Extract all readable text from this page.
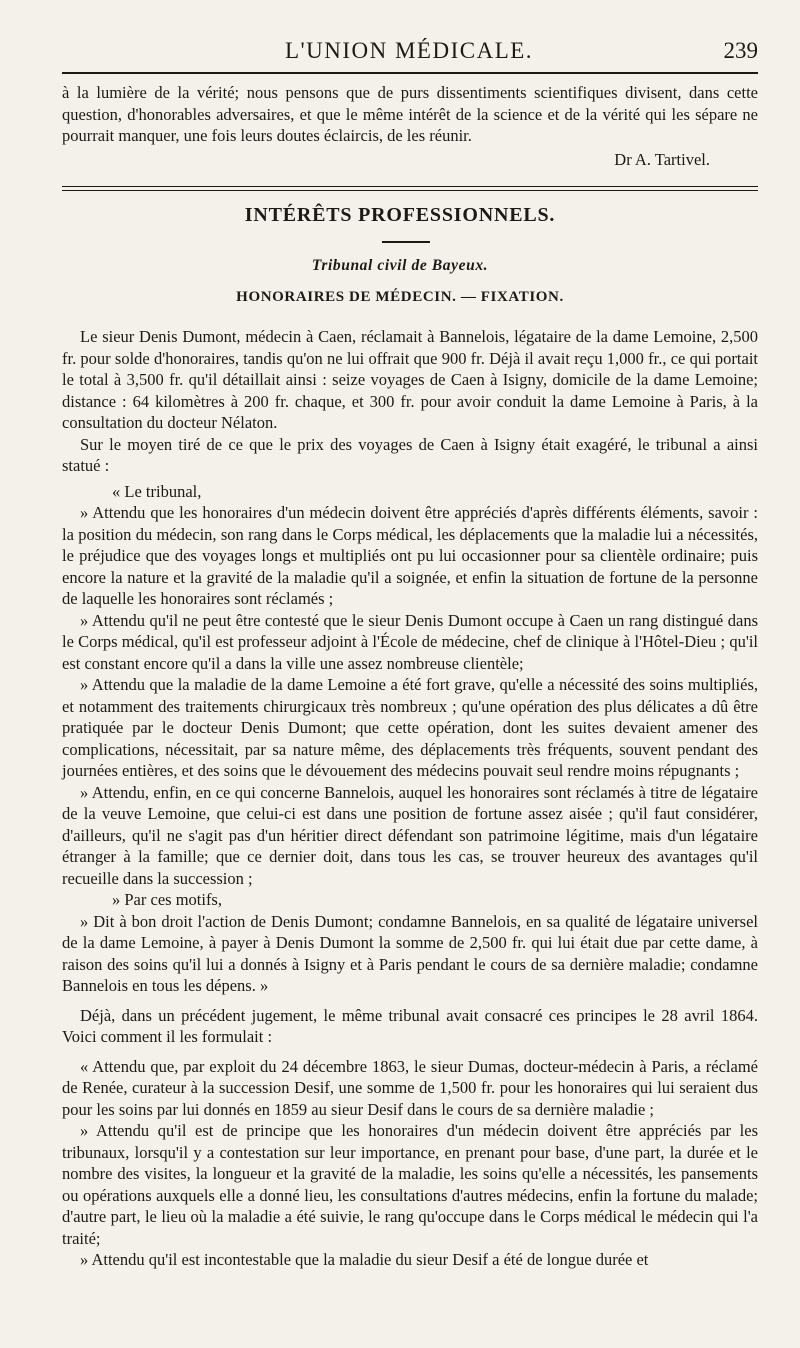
L'UNION MÉDICALE.	239

à la lumière de la vérité; nous pensons que de purs dissentiments scientifiques divisent, dans cette question, d'honorables adversaires, et que le même intérêt de la science et de la vérité qui les sépare ne pourrait manquer, une fois leurs doutes éclaircis, de les réunir.

Dr A. Tartivel.
INTÉRÊTS PROFESSIONNELS.
Tribunal civil de Bayeux.
HONORAIRES DE MÉDECIN. — FIXATION.

Le sieur Denis Dumont, médecin à Caen, réclamait à Bannelois, légataire de la dame Lemoine, 2,500 fr. pour solde d'honoraires, tandis qu'on ne lui offrait que 900 fr. Déjà il avait reçu 1,000 fr., ce qui portait le total à 3,500 fr. qu'il détaillait ainsi : seize voyages de Caen à Isigny, domicile de la dame Lemoine; distance : 64 kilomètres à 200 fr. chaque, et 300 fr. pour avoir conduit la dame Lemoine à Paris, à la consultation du docteur Nélaton.

Sur le moyen tiré de ce que le prix des voyages de Caen à Isigny était exagéré, le tribunal a ainsi statué :

« Le tribunal,

» Attendu que les honoraires d'un médecin doivent être appréciés d'après différents éléments, savoir : la position du médecin, son rang dans le Corps médical, les déplacements que la maladie lui a nécessités, le préjudice que des voyages longs et multipliés ont pu lui occasionner pour sa clientèle ordinaire; puis encore la nature et la gravité de la maladie qu'il a soignée, et enfin la situation de fortune de la personne de laquelle les honoraires sont réclamés ;

» Attendu qu'il ne peut être contesté que le sieur Denis Dumont occupe à Caen un rang distingué dans le Corps médical, qu'il est professeur adjoint à l'École de médecine, chef de clinique à l'Hôtel-Dieu ; qu'il est constant encore qu'il a dans la ville une assez nombreuse clientèle;

» Attendu que la maladie de la dame Lemoine a été fort grave, qu'elle a nécessité des soins multipliés, et notamment des traitements chirurgicaux très nombreux ; qu'une opération des plus délicates a dû être pratiquée par le docteur Denis Dumont; que cette opération, dont les suites devaient amener des complications, nécessitait, par sa nature même, des déplacements très fréquents, souvent pendant des journées entières, et des soins que le dévouement des médecins pouvait seul rendre moins répugnants ;

» Attendu, enfin, en ce qui concerne Bannelois, auquel les honoraires sont réclamés à titre de légataire de la veuve Lemoine, que celui-ci est dans une position de fortune assez aisée ; qu'il faut considérer, d'ailleurs, qu'il ne s'agit pas d'un héritier direct défendant son patrimoine légitime, mais d'un légataire étranger à la famille; que ce dernier doit, dans tous les cas, se trouver heureux des avantages qu'il recueille dans la succession ;

» Par ces motifs,

» Dit à bon droit l'action de Denis Dumont; condamne Bannelois, en sa qualité de légataire universel de la dame Lemoine, à payer à Denis Dumont la somme de 2,500 fr. qui lui était due par cette dame, à raison des soins qu'il lui a donnés à Isigny et à Paris pendant le cours de sa dernière maladie; condamne Bannelois en tous les dépens. »

Déjà, dans un précédent jugement, le même tribunal avait consacré ces principes le 28 avril 1864. Voici comment il les formulait :

« Attendu que, par exploit du 24 décembre 1863, le sieur Dumas, docteur-médecin à Paris, a réclamé de Renée, curateur à la succession Desif, une somme de 1,500 fr. pour les honoraires qui lui seraient dus pour les soins par lui donnés en 1859 au sieur Desif dans le cours de sa dernière maladie ;

» Attendu qu'il est de principe que les honoraires d'un médecin doivent être appréciés par les tribunaux, lorsqu'il y a contestation sur leur importance, en prenant pour base, d'une part, la durée et le nombre des visites, la longueur et la gravité de la maladie, les soins qu'elle a nécessités, les pansements ou opérations auxquels elle a donné lieu, les consultations d'autres médecins, enfin la fortune du malade; d'autre part, le lieu où la maladie a été suivie, le rang qu'occupe dans le Corps médical le médecin qui l'a traité;

» Attendu qu'il est incontestable que la maladie du sieur Desif a été de longue durée et
